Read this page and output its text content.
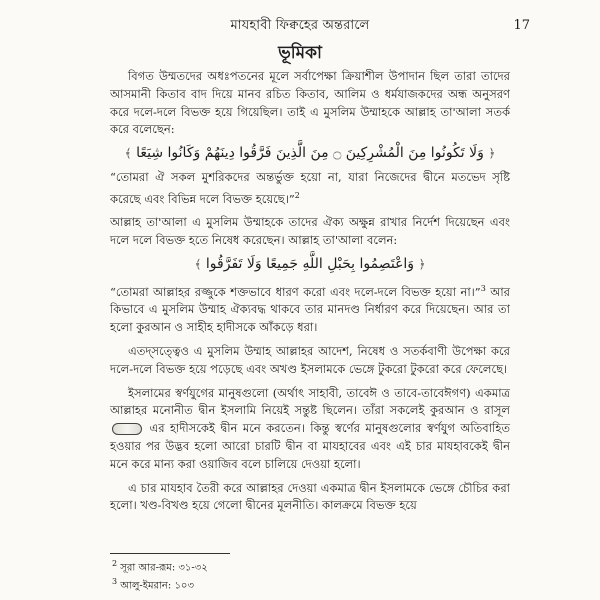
মাযহাবী ফিক্বহের অন্তরালে	17
ভূমিকা

বিগত উম্মতদের অধঃপতনের মূলে সর্বাপেক্ষা ক্রিয়াশীল উপাদান ছিল তারা তাদের আসমানী কিতাব বাদ দিয়ে মানব রচিত কিতাব, আলিম ও ধর্মযাজকদের অন্ধ অনুসরণ করে দলে-দলে বিভক্ত হয়ে গিয়েছিল। তাই এ মুসলিম উম্মাহকে আল্লাহ তা'আলা সতর্ক করে বলেছেন:

﴿ وَلَا تَكُونُوا مِنَ الْمُشْرِكِينَ ۝ مِنَ الَّذِينَ فَرَّقُوا دِينَهُمْ وَكَانُوا شِيَعًا ﴾

“তোমরা ঐ সকল মুশরিকদের অন্তর্ভুক্ত হয়ো না, যারা নিজেদের দ্বীনে মতভেদ সৃষ্টি করেছে এবং বিভিন্ন দলে বিভক্ত হয়েছে।”$^2$

আল্লাহ তা'আলা এ মুসলিম উম্মাহকে তাদের ঐক্য অক্ষুন্ন রাখার নির্দেশ দিয়েছেন এবং দলে দলে বিভক্ত হতে নিষেধ করেছেন। আল্লাহ তা'আলা বলেন:

﴿ وَاعْتَصِمُوا بِحَبْلِ اللَّهِ جَمِيعًا وَلَا تَفَرَّقُوا ﴾

“তোমরা আল্লাহর রজ্জুকে শক্তভাবে ধারণ করো এবং দলে-দলে বিভক্ত হয়ো না।”$^3$ আর কিভাবে এ মুসলিম উম্মাহ ঐক্যবদ্ধ থাকবে তার মানদণ্ড নির্ধারণ করে দিয়েছেন। আর তা হলো কুরআন ও সাহীহ হাদীসকে আঁকড়ে ধরা।

এতদ্সত্ত্বেও এ মুসলিম উম্মাহ আল্লাহর আদেশ, নিষেধ ও সতর্কবাণী উপেক্ষা করে দলে-দলে বিভক্ত হয়ে পড়েছে এবং অখণ্ড ইসলামকে ভেঙ্গে টুকরো টুকরো করে ফেলেছে।

ইসলামের স্বর্ণযুগের মানুষগুলো (অর্থাৎ সাহাবী, তাবেঈ ও তাবে-তাবেঈগণ) একমাত্র আল্লাহর মনোনীত দ্বীন ইসলামি নিয়েই সন্তুষ্ট ছিলেন। তাঁরা সকলেই কুরআন ও রাসূল এর হাদীসকেই দ্বীন মনে করতেন। কিন্তু স্বর্ণের মানুষগুলোর স্বর্ণযুগ অতিবাহিত হওয়ার পর উদ্ভব হলো আরো চারটি দ্বীন বা মাযহাবের এবং এই চার মাযহাবকেই দ্বীন মনে করে মান্য করা ওয়াজিব বলে চালিয়ে দেওয়া হলো।

এ চার মাযহাব তৈরী করে আল্লাহর দেওয়া একমাত্র দ্বীন ইসলামকে ভেঙ্গে চৌচির করা হলো। খণ্ড-বিখণ্ড হয়ে গেলো দ্বীনের মূলনীতি। কালক্রমে বিভক্ত হয়ে

$^2$ সূরা আর-রূম: ৩১-৩২
$^3$ আলু-ইমরান: ১০৩
